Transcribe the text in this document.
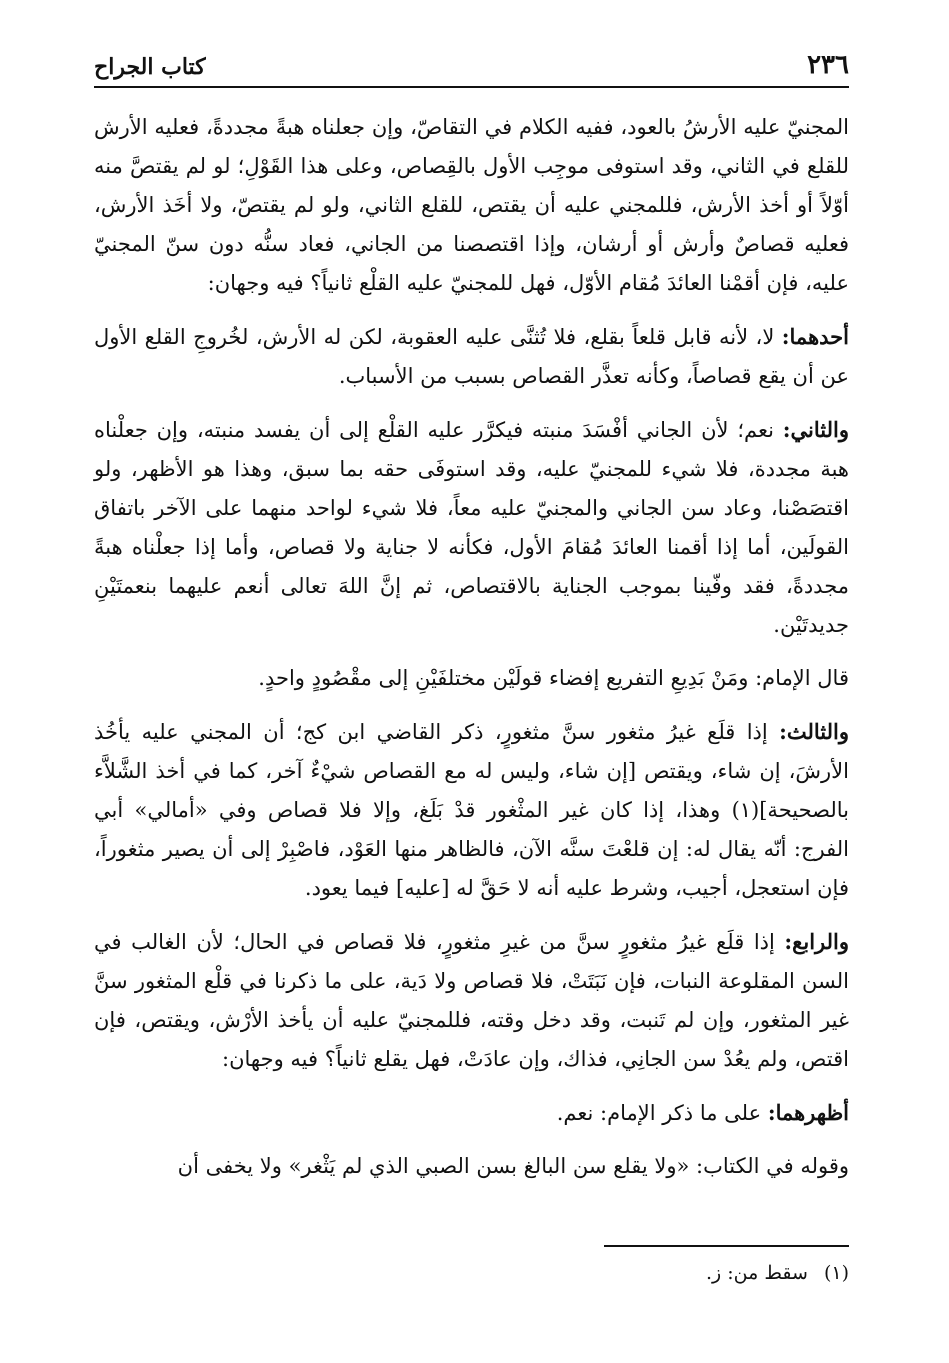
٢٣٦
كتاب الجراح

المجنيّ عليه الأرشُ بالعود، ففيه الكلام في التقاصّ، وإن جعلناه هبةً مجددةً، فعليه الأرش للقلع في الثاني، وقد استوفى موجِب الأول بالقِصاص، وعلى هذا القَوْلِ؛ لو لم يقتصَّ منه أوّلاً أو أخذ الأرش، فللمجني عليه أن يقتص، للقلع الثاني، ولو لم يقتصّ، ولا أخَذ الأرش، فعليه قصاصٌ وأرش أو أرشان، وإذا اقتصصنا من الجاني، فعاد سنُّه دون سنّ المجنيّ عليه، فإن أقمْنا العائدَ مُقام الأوّل، فهل للمجنيّ عليه القلْع ثانياً؟ فيه وجهان:

أحدهما: لا، لأنه قابل قلعاً بقلع، فلا تُثنَّى عليه العقوبة، لكن له الأرش، لخُروجِ القلع الأول عن أن يقع قصاصاً، وكأنه تعذَّر القصاص بسبب من الأسباب.

والثاني: نعم؛ لأن الجاني أفْسَدَ منبته فيكرَّر عليه القلْع إلى أن يفسد منبته، وإن جعلْناه هبة مجددة، فلا شيء للمجنيّ عليه، وقد استوفَى حقه بما سبق، وهذا هو الأظهر، ولو اقتصَصْنا، وعاد سن الجاني والمجنيّ عليه معاً، فلا شيء لواحد منهما على الآخر باتفاق القولَين، أما إذا أقمنا العائدَ مُقامَ الأول، فكأنه لا جناية ولا قصاص، وأما إذا جعلْناه هبةً مجددةً، فقد وفّينا بموجب الجناية بالاقتصاص، ثم إنَّ اللهَ تعالى أنعم عليهما بنعمتَيْنِ جديدتَيْن.

قال الإمام: ومَنْ بَدِيعِ التفريع إفضاء قولَيْن مختلفَيْنِ إلى مقْصُودٍ واحدٍ.

والثالث: إذا قلَع غيرُ مثغور سنَّ مثغورٍ، ذكر القاضي ابن كج؛ أن المجني عليه يأخُذ الأرشَ، إن شاء، ويقتص [إن شاء، وليس له مع القصاص شيْءٌ آخر، كما في أخذ الشَّلاَّء بالصحيحة](١) وهذا، إذا كان غير المثْغور قدْ بَلَغ، وإلا فلا قصاص وفي «أمالي» أبي الفرج: أنّه يقال له: إن قلعْتَ سنَّه الآن، فالظاهر منها العَوْد، فاصْبِرْ إلى أن يصير مثغوراً، فإن استعجل، أجيب، وشرط عليه أنه لا حَقَّ له [عليه] فيما يعود.

والرابع: إذا قلَع غيرُ مثغورٍ سنَّ من غيرِ مثغورٍ، فلا قصاص في الحال؛ لأن الغالب في السن المقلوعة النبات، فإن نَبَتَتْ، فلا قصاص ولا دَية، على ما ذكرنا في قلْع المثغور سنَّ غير المثغور، وإن لم تَنبت، وقد دخل وقته، فللمجنيّ عليه أن يأخذ الأرْش، ويقتص، فإن اقتص، ولم يعُدْ سن الجانِي، فذاك، وإن عادَتْ، فهل يقلع ثانياً؟ فيه وجهان:

أظهرهما: على ما ذكر الإمام: نعم.

وقوله في الكتاب: «ولا يقلع سن البالغ بسن الصبي الذي لم يَثْغر» ولا يخفى أن

(١) سقط من: ز.
